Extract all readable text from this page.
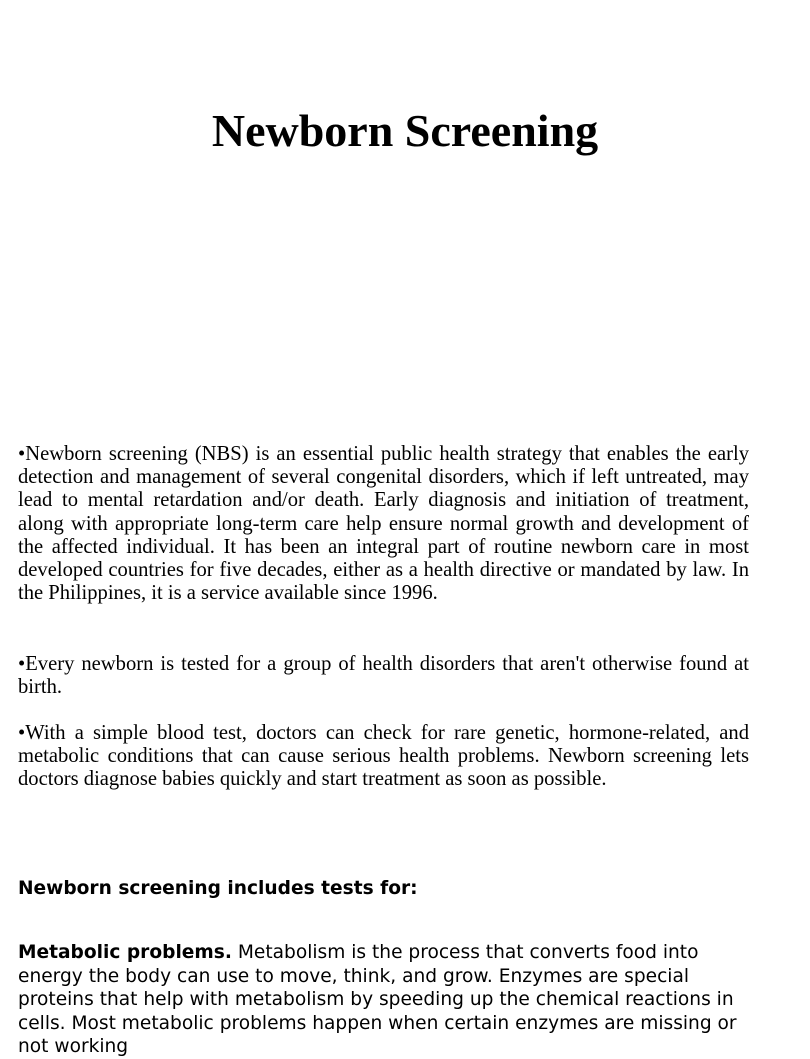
Newborn Screening

•Newborn screening (NBS) is an essential public health strategy that enables the early detection and management of several congenital disorders, which if left untreated, may lead to mental retardation and/or death. Early diagnosis and initiation of treatment, along with appropriate long-term care help ensure normal growth and development of the affected individual. It has been an integral part of routine newborn care in most developed countries for five decades, either as a health directive or mandated by law. In the Philippines, it is a service available since 1996.

•Every newborn is tested for a group of health disorders that aren't otherwise found at birth.

•With a simple blood test, doctors can check for rare genetic, hormone-related, and metabolic conditions that can cause serious health problems. Newborn screening lets doctors diagnose babies quickly and start treatment as soon as possible.

Newborn screening includes tests for:

Metabolic problems. Metabolism is the process that converts food into energy the body can use to move, think, and grow. Enzymes are special proteins that help with metabolism by speeding up the chemical reactions in cells. Most metabolic problems happen when certain enzymes are missing or not working
